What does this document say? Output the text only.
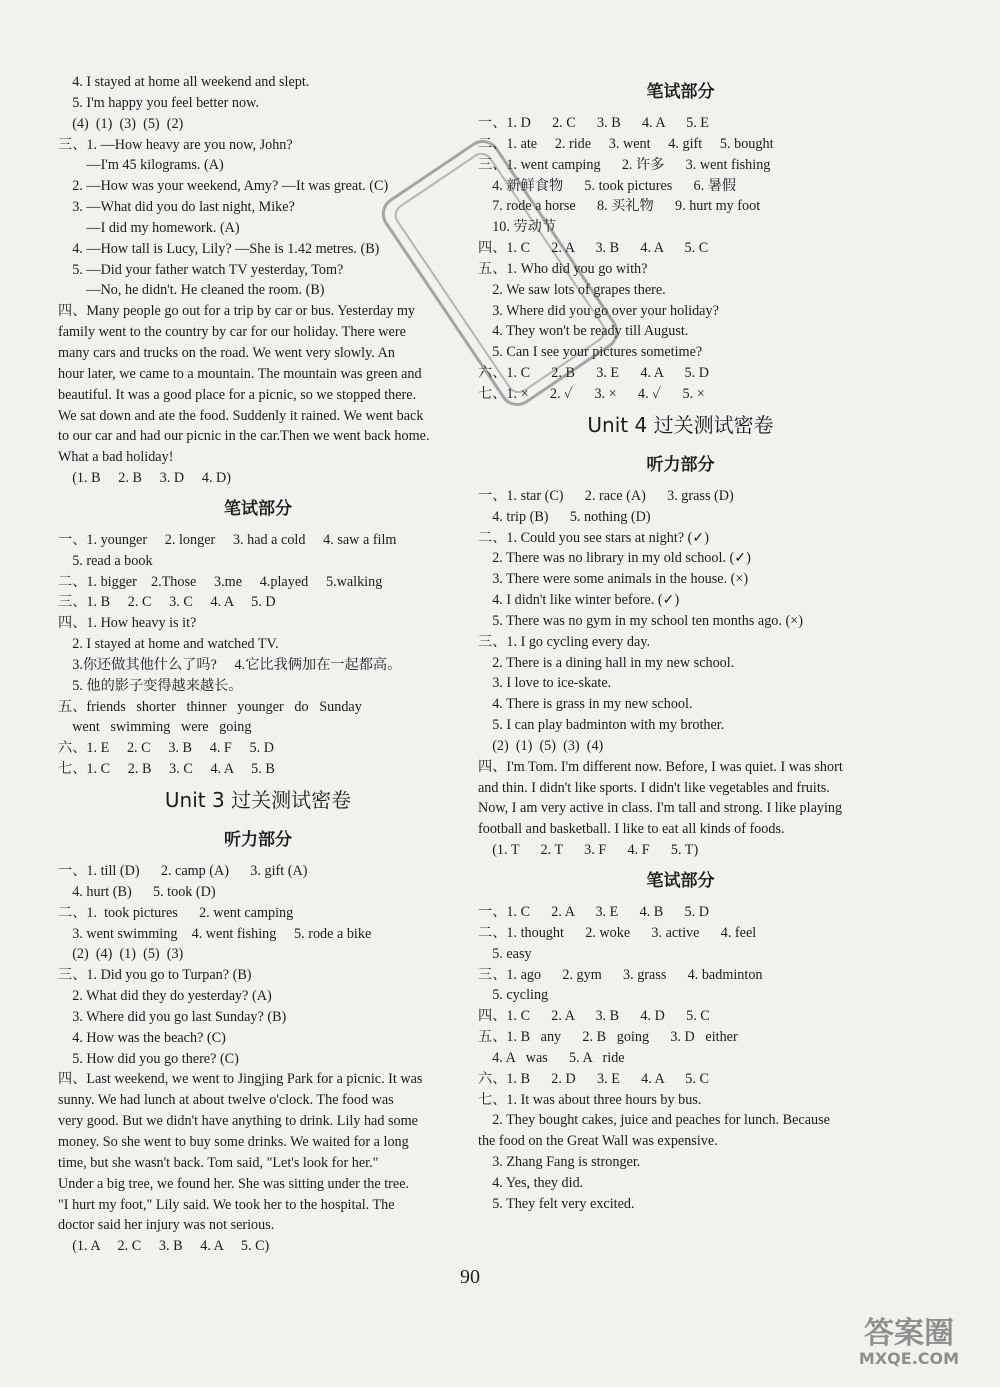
4. I stayed at home all weekend and slept.
5. I'm happy you feel better now.
(4)  (1)  (3)  (5)  (2)
三、1. —How heavy are you now, John?
—I'm 45 kilograms. (A)
2. —How was your weekend, Amy? —It was great. (C)
3. —What did you do last night, Mike?
—I did my homework. (A)
4. —How tall is Lucy, Lily? —She is 1.42 metres. (B)
5. —Did your father watch TV yesterday, Tom?
—No, he didn't. He cleaned the room. (B)
四、Many people go out for a trip by car or bus. Yesterday my
family went to the country by car for our holiday. There were
many cars and trucks on the road. We went very slowly. An
hour later, we came to a mountain. The mountain was green and
beautiful. It was a good place for a picnic, so we stopped there.
We sat down and ate the food. Suddenly it rained. We went back
to our car and had our picnic in the car.Then we went back home.
What a bad holiday!
(1. B     2. B     3. D     4. D)
笔试部分
一、1. younger     2. longer     3. had a cold     4. saw a film
5. read a book
二、1. bigger    2.Those     3.me     4.played     5.walking
三、1. B     2. C     3. C     4. A     5. D
四、1. How heavy is it?
2. I stayed at home and watched TV.
3.你还做其他什么了吗?     4.它比我俩加在一起都高。
5. 他的影子变得越来越长。
五、friends   shorter   thinner   younger   do   Sunday
went   swimming   were   going
六、1. E     2. C     3. B     4. F     5. D
七、1. C     2. B     3. C     4. A     5. B
Unit 3 过关测试密卷
听力部分
一、1. till (D)      2. camp (A)      3. gift (A)
4. hurt (B)      5. took (D)
二、1.  took pictures      2. went camping
3. went swimming    4. went fishing     5. rode a bike
(2)  (4)  (1)  (5)  (3)
三、1. Did you go to Turpan? (B)
2. What did they do yesterday? (A)
3. Where did you go last Sunday? (B)
4. How was the beach? (C)
5. How did you go there? (C)
四、Last weekend, we went to Jingjing Park for a picnic. It was
sunny. We had lunch at about twelve o'clock. The food was
very good. But we didn't have anything to drink. Lily had some
money. So she went to buy some drinks. We waited for a long
time, but she wasn't back. Tom said, "Let's look for her."
Under a big tree, we found her. She was sitting under the tree.
"I hurt my foot," Lily said. We took her to the hospital. The
doctor said her injury was not serious.
(1. A     2. C     3. B     4. A     5. C)
笔试部分
一、1. D      2. C      3. B      4. A      5. E
二、1. ate     2. ride     3. went     4. gift     5. bought
三、1. went camping      2. 许多      3. went fishing
4. 新鲜食物      5. took pictures      6. 暑假
7. rode a horse      8. 买礼物      9. hurt my foot
10. 劳动节
四、1. C      2. A      3. B      4. A      5. C
五、1. Who did you go with?
2. We saw lots of grapes there.
3. Where did you go over your holiday?
4. They won't be ready till August.
5. Can I see your pictures sometime?
六、1. C      2. B      3. E      4. A      5. D
七、1. ×      2. ✓      3. ×      4. ✓      5. ×
Unit 4 过关测试密卷
听力部分
一、1. star (C)      2. race (A)      3. grass (D)
4. trip (B)      5. nothing (D)
二、1. Could you see stars at night? (✓)
2. There was no library in my old school. (✓)
3. There were some animals in the house. (×)
4. I didn't like winter before. (✓)
5. There was no gym in my school ten months ago. (×)
三、1. I go cycling every day.
2. There is a dining hall in my new school.
3. I love to ice-skate.
4. There is grass in my new school.
5. I can play badminton with my brother.
(2)  (1)  (5)  (3)  (4)
四、I'm Tom. I'm different now. Before, I was quiet. I was short
and thin. I didn't like sports. I didn't like vegetables and fruits.
Now, I am very active in class. I'm tall and strong. I like playing
football and basketball. I like to eat all kinds of foods.
(1. T      2. T      3. F      4. F      5. T)
笔试部分
一、1. C      2. A      3. E      4. B      5. D
二、1. thought      2. woke      3. active      4. feel
5. easy
三、1. ago      2. gym      3. grass      4. badminton
5. cycling
四、1. C      2. A      3. B      4. D      5. C
五、1. B   any      2. B   going      3. D   either
4. A   was      5. A   ride
六、1. B      2. D      3. E      4. A      5. C
七、1. It was about three hours by bus.
2. They bought cakes, juice and peaches for lunch. Because
the food on the Great Wall was expensive.
3. Zhang Fang is stronger.
4. Yes, they did.
5. They felt very excited.
90
答案圈
MXQE.COM
